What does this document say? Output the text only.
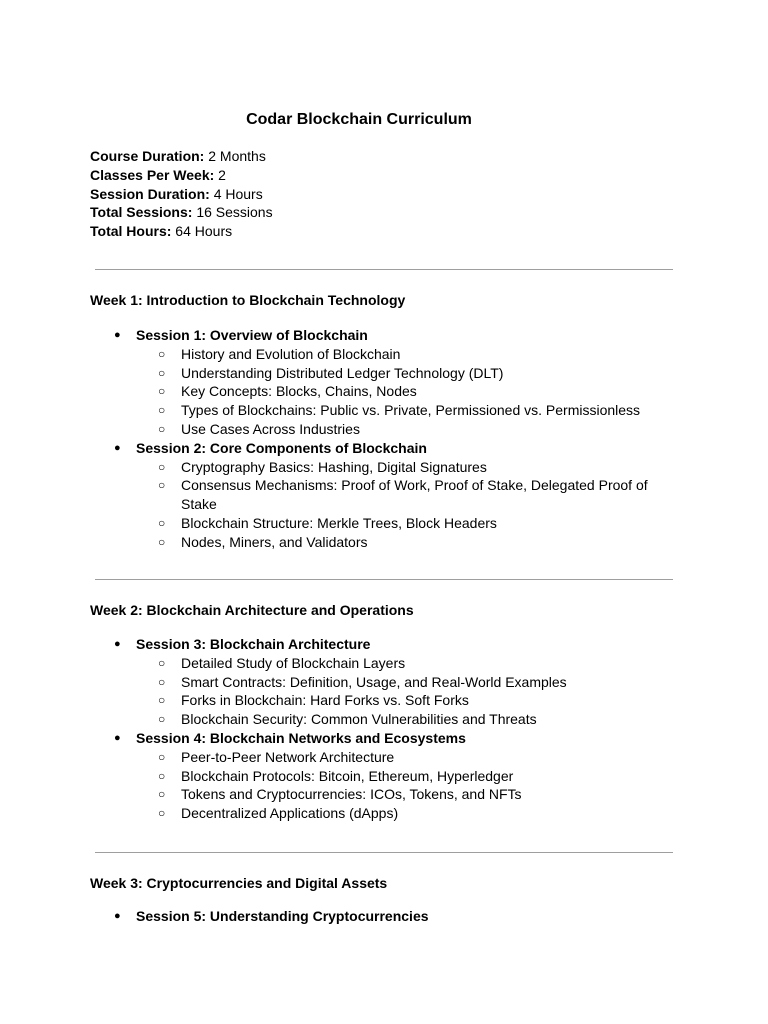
Codar Blockchain Curriculum
Course Duration: 2 Months
Classes Per Week: 2
Session Duration: 4 Hours
Total Sessions: 16 Sessions
Total Hours: 64 Hours
Week 1: Introduction to Blockchain Technology
● Session 1: Overview of Blockchain
○ History and Evolution of Blockchain
○ Understanding Distributed Ledger Technology (DLT)
○ Key Concepts: Blocks, Chains, Nodes
○ Types of Blockchains: Public vs. Private, Permissioned vs. Permissionless
○ Use Cases Across Industries
● Session 2: Core Components of Blockchain
○ Cryptography Basics: Hashing, Digital Signatures
○ Consensus Mechanisms: Proof of Work, Proof of Stake, Delegated Proof of Stake
○ Blockchain Structure: Merkle Trees, Block Headers
○ Nodes, Miners, and Validators
Week 2: Blockchain Architecture and Operations
● Session 3: Blockchain Architecture
○ Detailed Study of Blockchain Layers
○ Smart Contracts: Definition, Usage, and Real-World Examples
○ Forks in Blockchain: Hard Forks vs. Soft Forks
○ Blockchain Security: Common Vulnerabilities and Threats
● Session 4: Blockchain Networks and Ecosystems
○ Peer-to-Peer Network Architecture
○ Blockchain Protocols: Bitcoin, Ethereum, Hyperledger
○ Tokens and Cryptocurrencies: ICOs, Tokens, and NFTs
○ Decentralized Applications (dApps)
Week 3: Cryptocurrencies and Digital Assets
● Session 5: Understanding Cryptocurrencies
